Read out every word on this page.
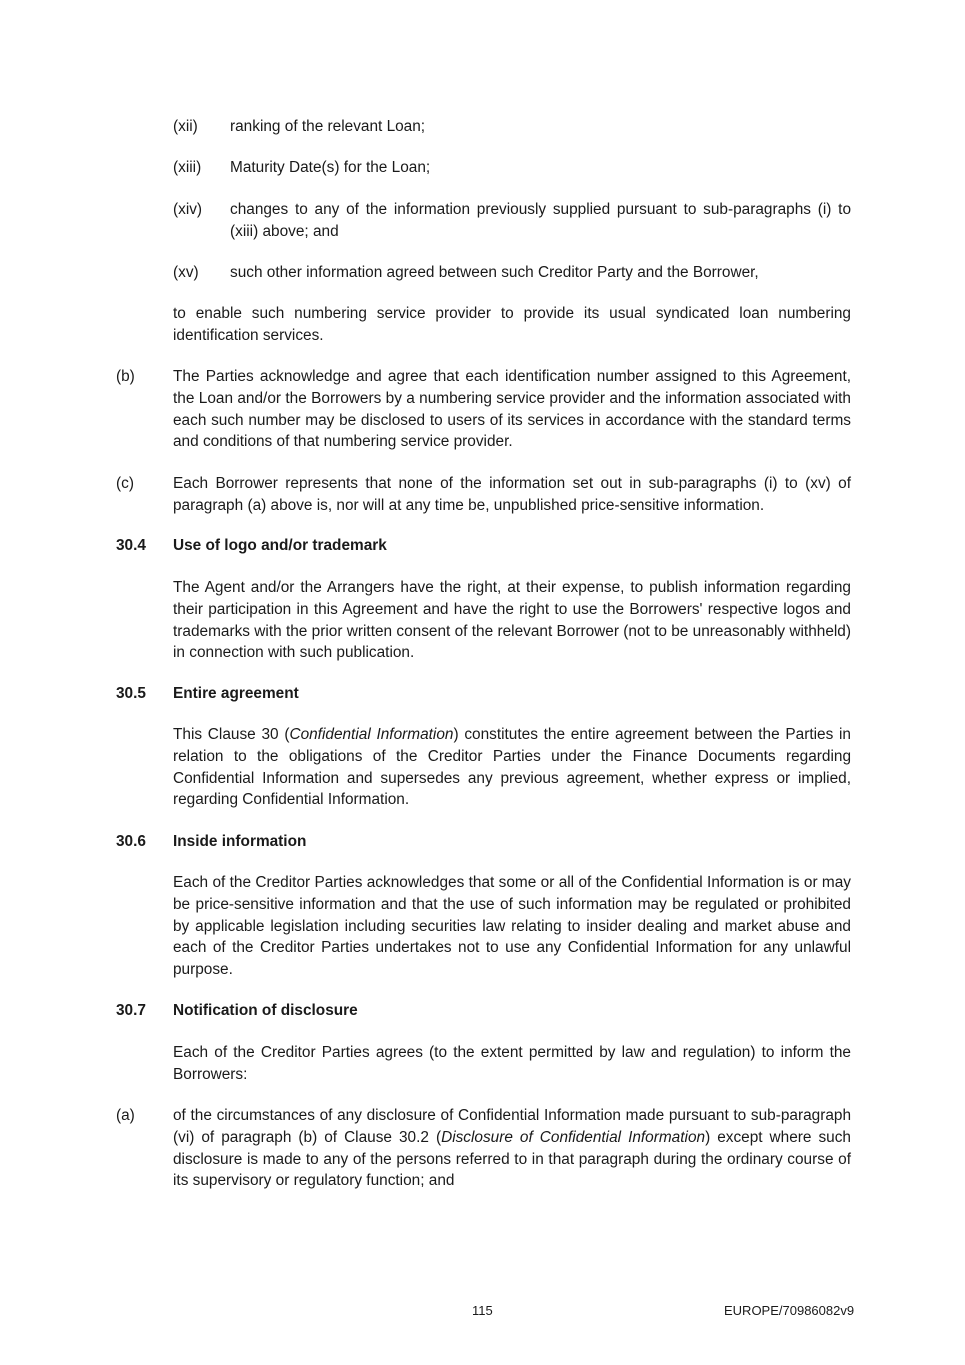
(xii) ranking of the relevant Loan;
(xiii) Maturity Date(s) for the Loan;
(xiv) changes to any of the information previously supplied pursuant to sub-paragraphs (i) to (xiii) above; and
(xv) such other information agreed between such Creditor Party and the Borrower,
to enable such numbering service provider to provide its usual syndicated loan numbering identification services.
(b) The Parties acknowledge and agree that each identification number assigned to this Agreement, the Loan and/or the Borrowers by a numbering service provider and the information associated with each such number may be disclosed to users of its services in accordance with the standard terms and conditions of that numbering service provider.
(c)	Each Borrower represents that none of the information set out in sub-paragraphs (i) to (xv) of paragraph (a) above is, nor will at any time be, unpublished price-sensitive information.
30.4 Use of logo and/or trademark
The Agent and/or the Arrangers have the right, at their expense, to publish information regarding their participation in this Agreement and have the right to use the Borrowers' respective logos and trademarks with the prior written consent of the relevant Borrower (not to be unreasonably withheld) in connection with such publication.
30.5 Entire agreement
This Clause 30 (Confidential Information) constitutes the entire agreement between the Parties in relation to the obligations of the Creditor Parties under the Finance Documents regarding Confidential Information and supersedes any previous agreement, whether express or implied, regarding Confidential Information.
30.6 Inside information
Each of the Creditor Parties acknowledges that some or all of the Confidential Information is or may be price-sensitive information and that the use of such information may be regulated or prohibited by applicable legislation including securities law relating to insider dealing and market abuse and each of the Creditor Parties undertakes not to use any Confidential Information for any unlawful purpose.
30.7 Notification of disclosure
Each of the Creditor Parties agrees (to the extent permitted by law and regulation) to inform the Borrowers:
(a) of the circumstances of any disclosure of Confidential Information made pursuant to sub-paragraph (vi) of paragraph (b) of Clause 30.2 (Disclosure of Confidential Information) except where such disclosure is made to any of the persons referred to in that paragraph during the ordinary course of its supervisory or regulatory function; and
115	EUROPE/70986082v9
